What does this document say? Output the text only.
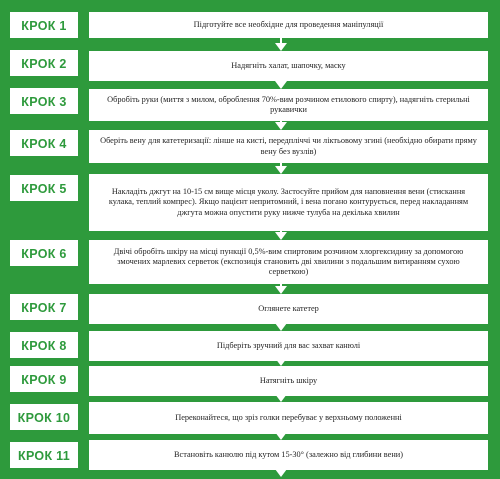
КРОК 1	Підготуйте все необхідне для проведення маніпуляції
КРОК 2	Надягніть халат, шапочку, маску
КРОК 3	Обробіть руки (миття з милом, оброблення 70%-вим розчином етилового спирту), надягніть стерильні рукавички
КРОК 4	Оберіть вену для катетеризації: лінше на кисті, передпліччі чи ліктьовому згині (необхідно обирати пряму вену без вузлів)
КРОК 5	Накладіть джгут на 10-15 см вище місця уколу. Застосуйте прийом для наповнення вени (стискання кулака, теплий компрес). Якщо пацієнт непритомний, і вена погано контурується, перед накладанням джгута можна опустити руку нижче тулуба на декілька хвилин
КРОК 6	Двічі обробіть шкіру на місці пункції 0,5%-вим спиртовим розчином хлоргексидину за допомогою змочених марлевих серветок (експозиція становить дві хвилини з подальшим витиранням сухою серветкою)
КРОК 7	Оглянете катетер
КРОК 8	Підберіть зручний для вас захват канюлі
КРОК 9	Натягніть шкіру
КРОК 10	Переконайтеся, що зріз голки перебуває у верхньому положенні
КРОК 11	Встановіть канюлю під кутом 15-30° (залежно від глибини вени)
